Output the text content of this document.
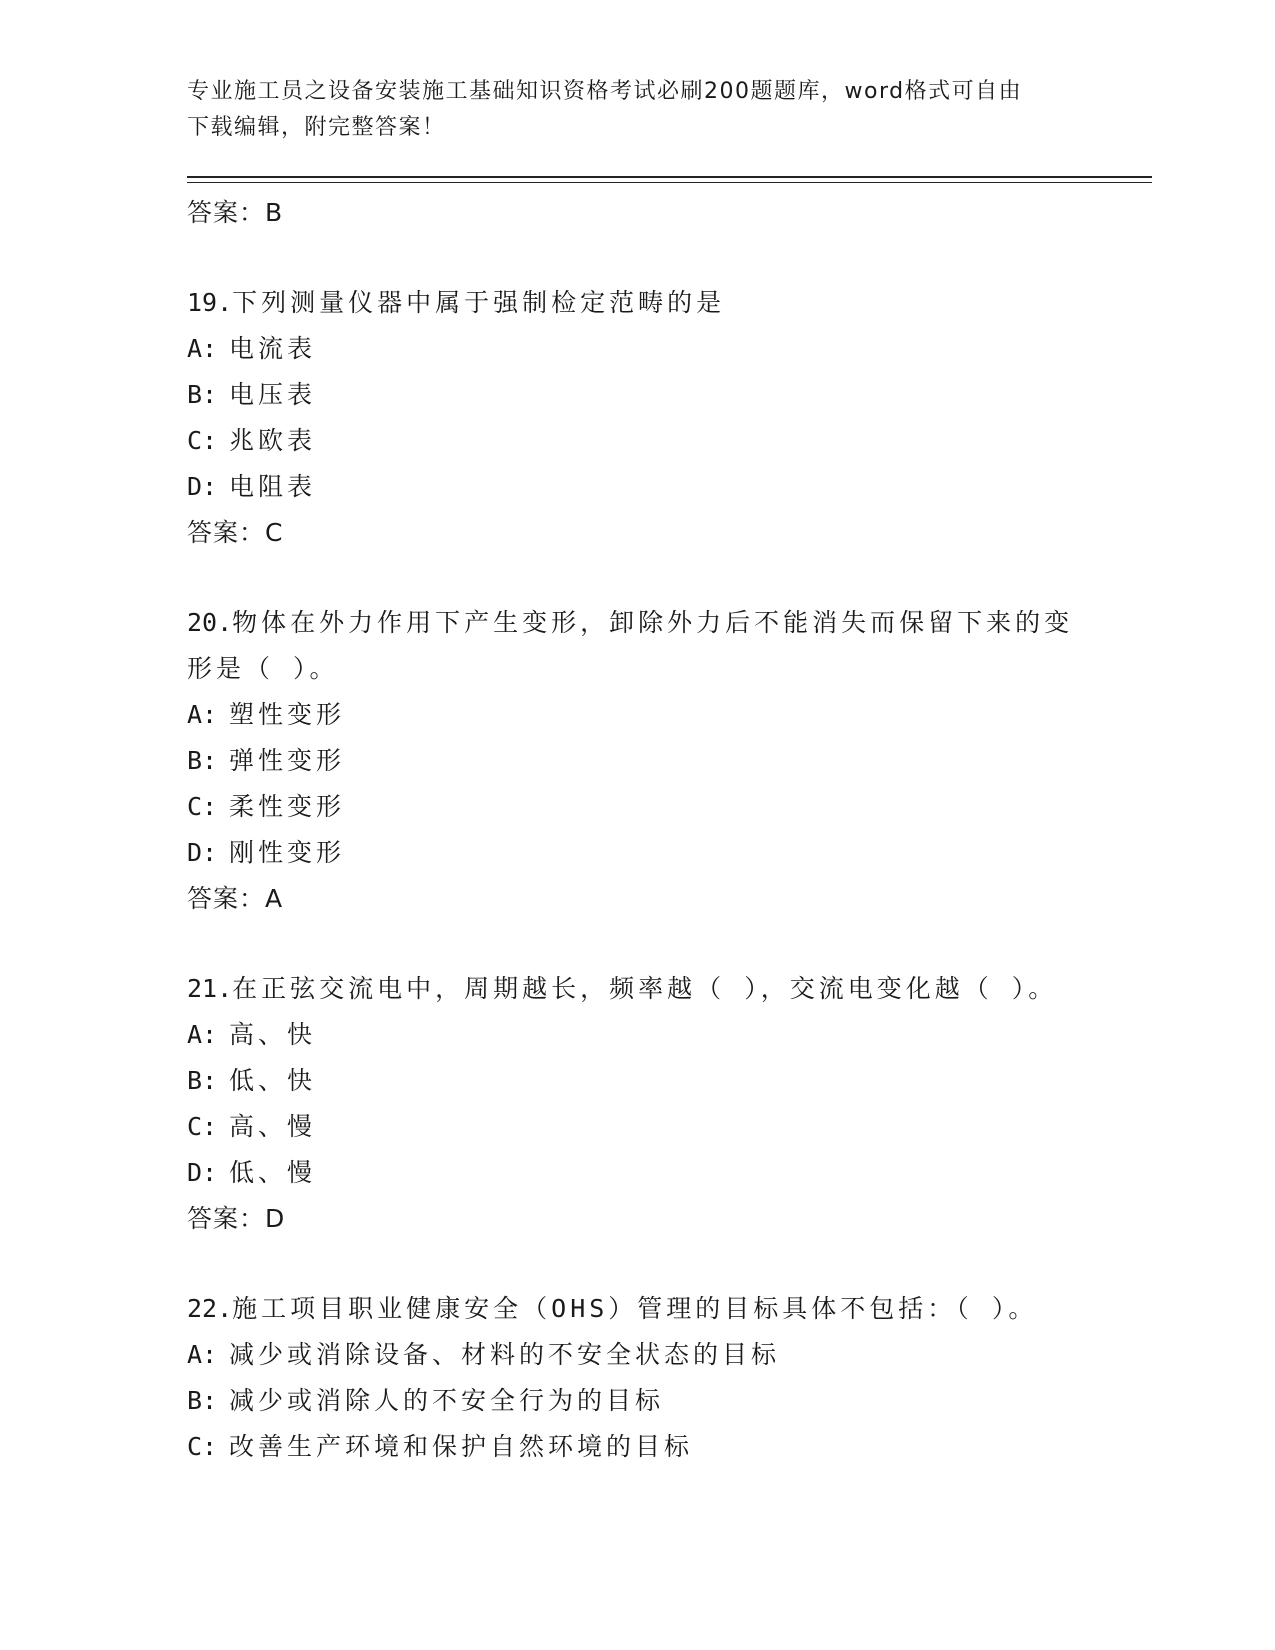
专业施工员之设备安装施工基础知识资格考试必刷200题题库，word格式可自由
下载编辑，附完整答案！
答案：B
19.下列测量仪器中属于强制检定范畴的是
A: 电流表
B: 电压表
C: 兆欧表
D: 电阻表
答案：C
20.物体在外力作用下产生变形，卸除外力后不能消失而保留下来的变
形是（ ）。
A: 塑性变形
B: 弹性变形
C: 柔性变形
D: 刚性变形
答案：A
21.在正弦交流电中，周期越长，频率越（ ），交流电变化越（ ）。
A: 高、快
B: 低、快
C: 高、慢
D: 低、慢
答案：D
22.施工项目职业健康安全（OHS）管理的目标具体不包括：（ ）。
A: 减少或消除设备、材料的不安全状态的目标
B: 减少或消除人的不安全行为的目标
C: 改善生产环境和保护自然环境的目标
